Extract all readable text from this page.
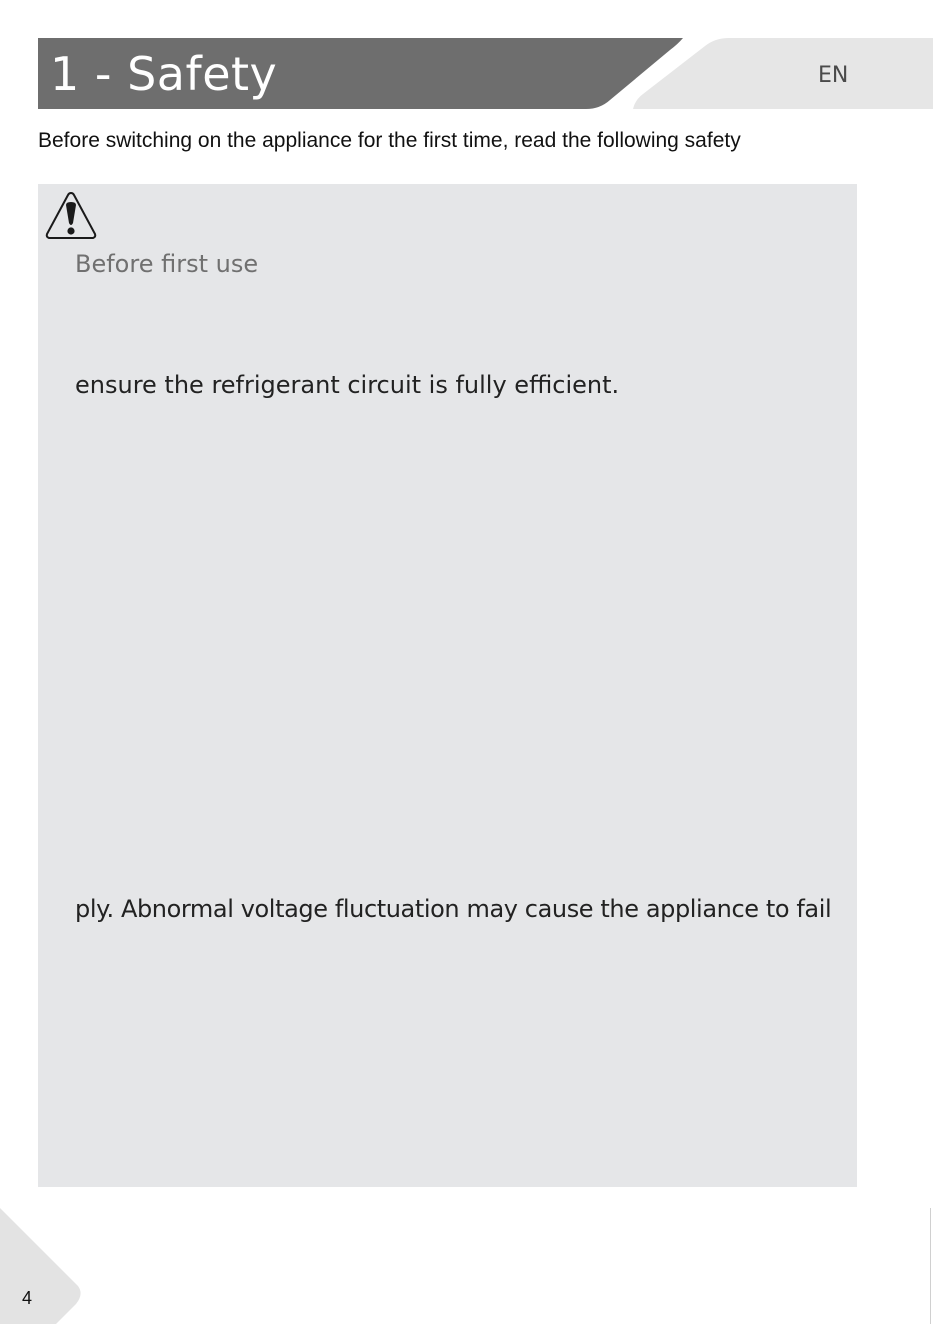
1 - Safety	EN
Before switching on the appliance for the first time, read the following safety
Before first use
ensure the refrigerant circuit is fully efficient.
ply. Abnormal voltage fluctuation may cause the appliance to fail
4
